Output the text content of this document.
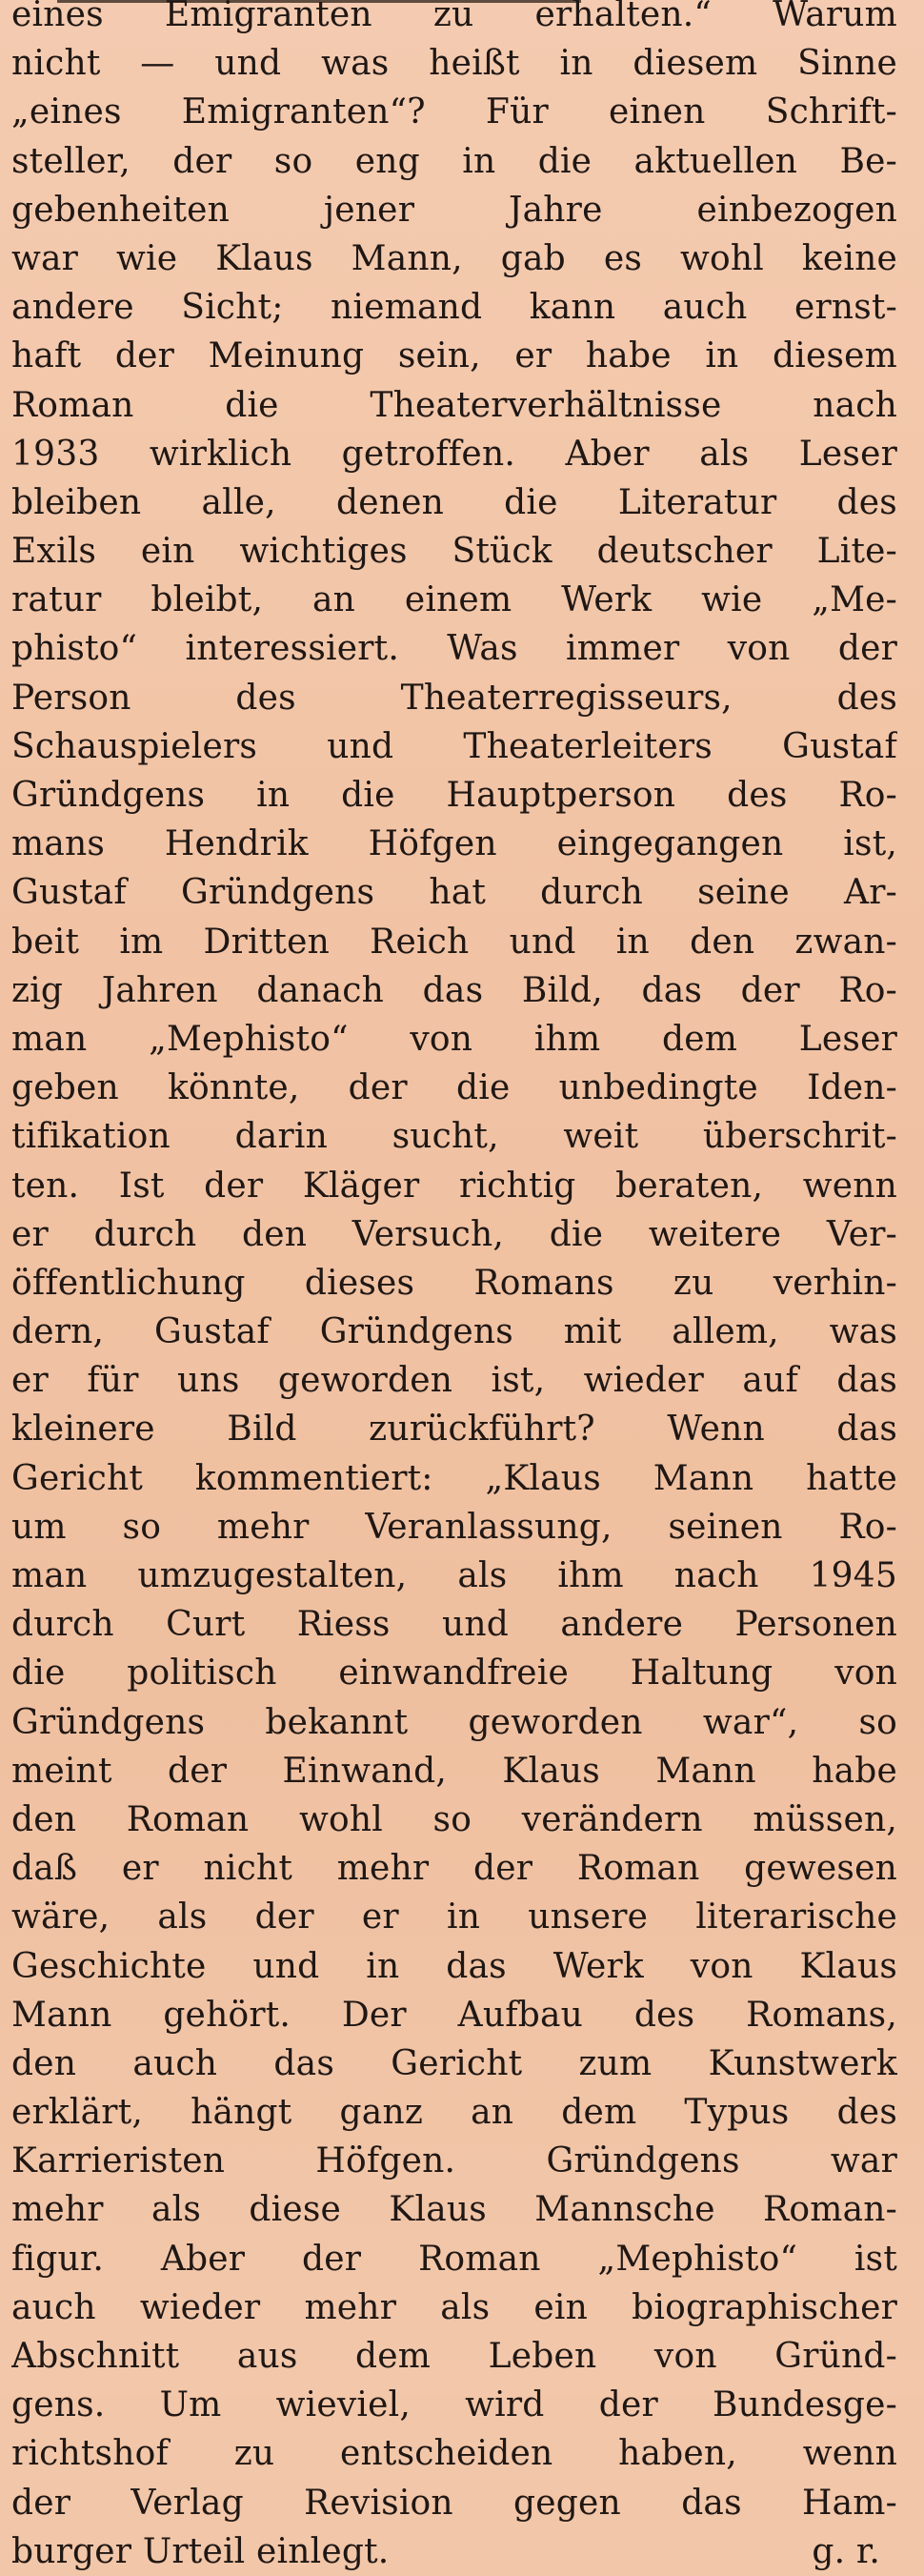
eines Emigranten zu erhalten.“ Warum
nicht — und was heißt in diesem Sinne
„eines Emigranten“? Für einen Schrift-
steller, der so eng in die aktuellen Be-
gebenheiten jener Jahre einbezogen
war wie Klaus Mann, gab es wohl keine
andere Sicht; niemand kann auch ernst-
haft der Meinung sein, er habe in diesem
Roman die Theaterverhältnisse nach
1933 wirklich getroffen. Aber als Leser
bleiben alle, denen die Literatur des
Exils ein wichtiges Stück deutscher Lite-
ratur bleibt, an einem Werk wie „Me-
phisto“ interessiert. Was immer von der
Person des Theaterregisseurs, des
Schauspielers und Theaterleiters Gustaf
Gründgens in die Hauptperson des Ro-
mans Hendrik Höfgen eingegangen ist,
Gustaf Gründgens hat durch seine Ar-
beit im Dritten Reich und in den zwan-
zig Jahren danach das Bild, das der Ro-
man „Mephisto“ von ihm dem Leser
geben könnte, der die unbedingte Iden-
tifikation darin sucht, weit überschrit-
ten. Ist der Kläger richtig beraten, wenn
er durch den Versuch, die weitere Ver-
öffentlichung dieses Romans zu verhin-
dern, Gustaf Gründgens mit allem, was
er für uns geworden ist, wieder auf das
kleinere Bild zurückführt? Wenn das
Gericht kommentiert: „Klaus Mann hatte
um so mehr Veranlassung, seinen Ro-
man umzugestalten, als ihm nach 1945
durch Curt Riess und andere Personen
die politisch einwandfreie Haltung von
Gründgens bekannt geworden war“, so
meint der Einwand, Klaus Mann habe
den Roman wohl so verändern müssen,
daß er nicht mehr der Roman gewesen
wäre, als der er in unsere literarische
Geschichte und in das Werk von Klaus
Mann gehört. Der Aufbau des Romans,
den auch das Gericht zum Kunstwerk
erklärt, hängt ganz an dem Typus des
Karrieristen Höfgen. Gründgens war
mehr als diese Klaus Mannsche Roman-
figur. Aber der Roman „Mephisto“ ist
auch wieder mehr als ein biographischer
Abschnitt aus dem Leben von Gründ-
gens. Um wieviel, wird der Bundesge-
richtshof zu entscheiden haben, wenn
der Verlag Revision gegen das Ham-
burger Urteil einlegt.	g. r.
